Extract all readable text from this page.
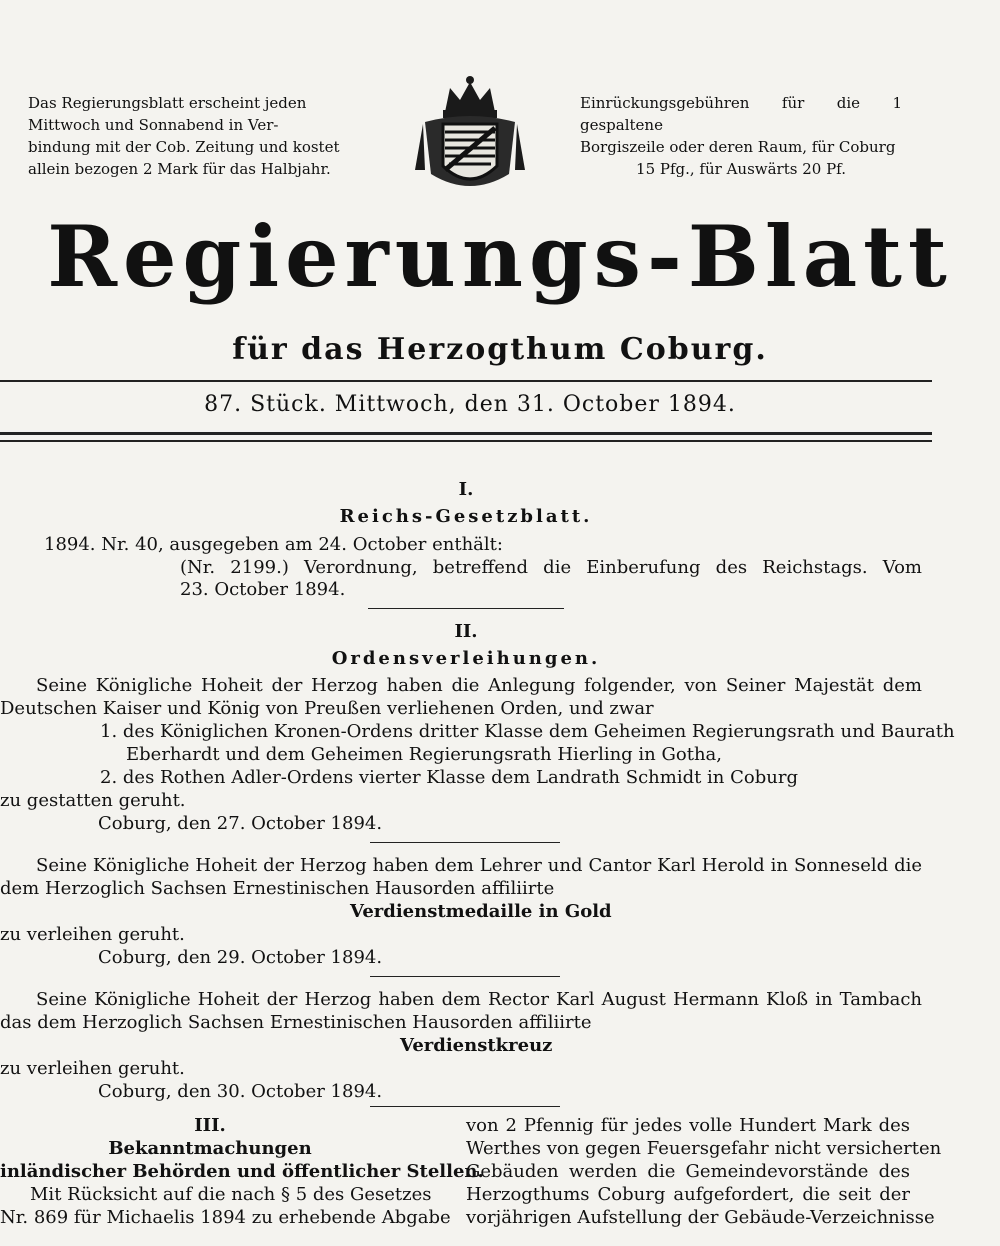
Das Regierungsblatt erscheint jeden
Mittwoch und Sonnabend in Ver-
bindung mit der Cob. Zeitung und kostet
allein bezogen 2 Mark für das Halbjahr.
Einrückungsgebühren für die 1 gespaltene
Borgiszeile oder deren Raum, für Coburg
15 Pfg., für Auswärts 20 Pf.
Regierungs-Blatt
für das Herzogthum Coburg.
87. Stück. Mittwoch, den 31. October 1894.
I.
Reichs-Gesetzblatt.
1894. Nr. 40, ausgegeben am 24. October enthält:
(Nr. 2199.) Verordnung, betreffend die Einberufung des Reichstags. Vom
23. October 1894.
II.
Ordensverleihungen.
Seine Königliche Hoheit der Herzog haben die Anlegung folgender, von Seiner Majestät dem
Deutschen Kaiser und König von Preußen verliehenen Orden, und zwar
1. des Königlichen Kronen-Ordens dritter Klasse dem Geheimen Regierungsrath und Baurath
Eberhardt und dem Geheimen Regierungsrath Hierling in Gotha,
2. des Rothen Adler-Ordens vierter Klasse dem Landrath Schmidt in Coburg
zu gestatten geruht.
Coburg, den 27. October 1894.
Seine Königliche Hoheit der Herzog haben dem Lehrer und Cantor Karl Herold in Sonneseld die
dem Herzoglich Sachsen Ernestinischen Hausorden affiliirte
Verdienstmedaille in Gold
zu verleihen geruht.
Coburg, den 29. October 1894.
Seine Königliche Hoheit der Herzog haben dem Rector Karl August Hermann Kloß in Tambach
das dem Herzoglich Sachsen Ernestinischen Hausorden affiliirte
Verdienstkreuz
zu verleihen geruht.
Coburg, den 30. October 1894.
III.
Bekanntmachungen
inländischer Behörden und öffentlicher Stellen.
Mit Rücksicht auf die nach § 5 des Gesetzes
Nr. 869 für Michaelis 1894 zu erhebende Abgabe
von 2 Pfennig für jedes volle Hundert Mark des
Werthes von gegen Feuersgefahr nicht versicherten
Gebäuden werden die Gemeindevorstände des
Herzogthums Coburg aufgefordert, die seit der
vorjährigen Aufstellung der Gebäude-Verzeichnisse
